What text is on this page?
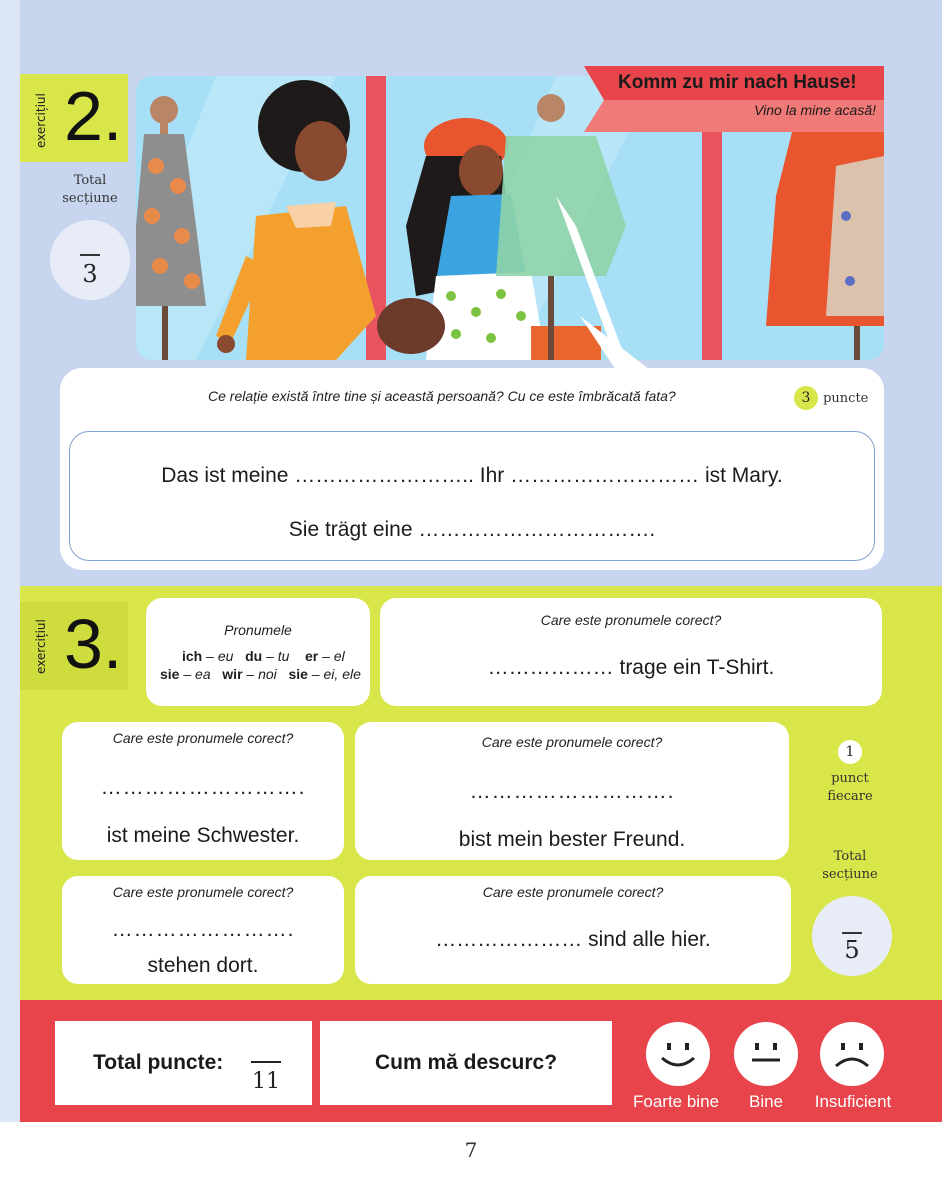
exercițiul 2.
Total
secțiune
3
Komm zu mir nach Hause!
Vino la mine acasă!
Ce relație există între tine și această persoană? Cu ce este îmbrăcată fata?	3 puncte
Das ist meine …………………….. Ihr ……………………… ist Mary.
Sie trägt eine …………………………….
exercițiul 3.	Pronumele
ich – eu du – tu er – el
sie – ea wir – noi sie – ei, ele
Care este pronumele corect?
……………… trage ein T-Shirt.
Care este pronumele corect?
……………………….
ist meine Schwester.
Care este pronumele corect?
……………………….
bist mein bester Freund.
Care este pronumele corect?
…………………….
stehen dort.
Care este pronumele corect?
………………… sind alle hier.
1
punct
fiecare
Total
secțiune
5
Total puncte:
11
Cum mă descurc?
Foarte bine	Bine	Insuficient
7
